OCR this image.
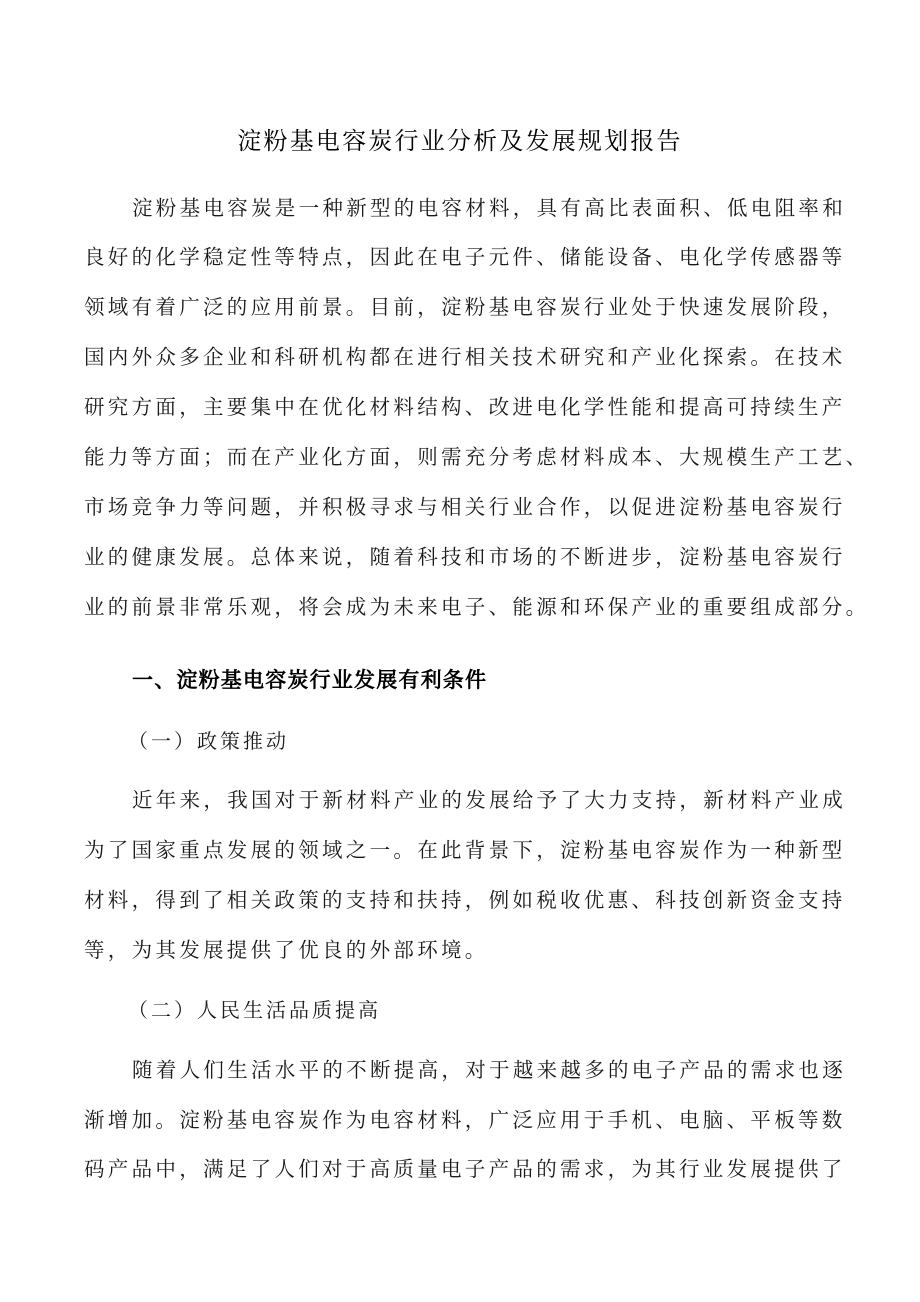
淀粉基电容炭行业分析及发展规划报告
淀粉基电容炭是一种新型的电容材料，具有高比表面积、低电阻率和
良好的化学稳定性等特点，因此在电子元件、储能设备、电化学传感器等
领域有着广泛的应用前景。目前，淀粉基电容炭行业处于快速发展阶段，
国内外众多企业和科研机构都在进行相关技术研究和产业化探索。在技术
研究方面，主要集中在优化材料结构、改进电化学性能和提高可持续生产
能力等方面；而在产业化方面，则需充分考虑材料成本、大规模生产工艺、
市场竞争力等问题，并积极寻求与相关行业合作，以促进淀粉基电容炭行
业的健康发展。总体来说，随着科技和市场的不断进步，淀粉基电容炭行
业的前景非常乐观，将会成为未来电子、能源和环保产业的重要组成部分。
一、淀粉基电容炭行业发展有利条件
（一）政策推动
近年来，我国对于新材料产业的发展给予了大力支持，新材料产业成
为了国家重点发展的领域之一。在此背景下，淀粉基电容炭作为一种新型
材料，得到了相关政策的支持和扶持，例如税收优惠、科技创新资金支持
等，为其发展提供了优良的外部环境。
（二）人民生活品质提高
随着人们生活水平的不断提高，对于越来越多的电子产品的需求也逐
渐增加。淀粉基电容炭作为电容材料，广泛应用于手机、电脑、平板等数
码产品中，满足了人们对于高质量电子产品的需求，为其行业发展提供了
